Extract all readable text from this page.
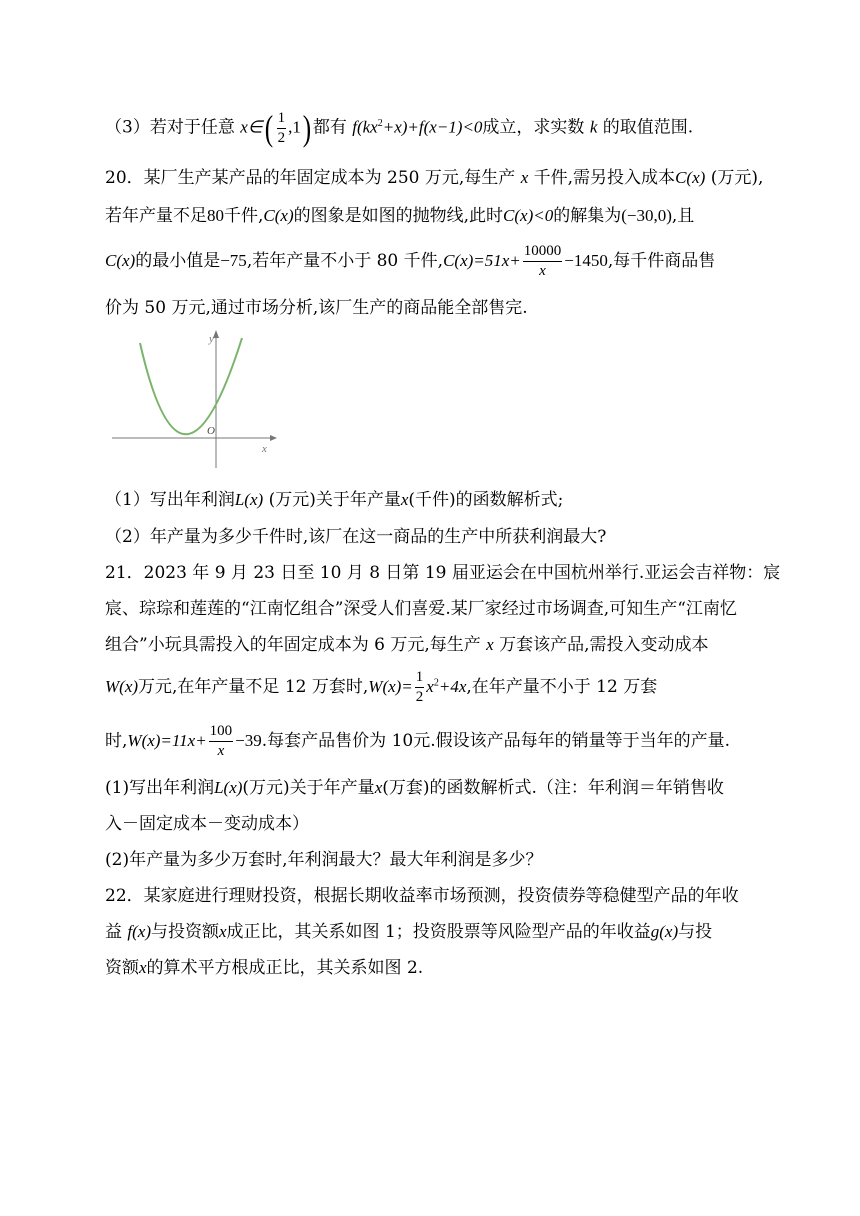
（3）若对于任意 x∈( $\frac{1}{2} ,1$) 都有 $f(kx^2+x)+f(x-1)<0$成立，求实数 k 的取值范围.
20．某厂生产某产品的年固定成本为 250 万元,每生产 x 千件,需另投入成本C(x) (万元),
若年产量不足80千件,C(x)的图象是如图的抛物线,此时C(x)<0的解集为(−30,0),且
C(x)的最小值是−75,若年产量不小于 80 千件$,C(x)=51x+ \frac{10000}{x} -1450$,每千件商品售
价为 50 万元,通过市场分析,该厂生产的商品能全部售完.
y
x
O
（1）写出年利润L(x) (万元)关于年产量x(千件)的函数解析式;
（2）年产量为多少千件时,该厂在这一商品的生产中所获利润最大?
21．2023 年 9 月 23 日至 10 月 8 日第 19 届亚运会在中国杭州举行.亚运会吉祥物：宸
宸、琮琮和莲莲的“江南忆组合”深受人们喜爱.某厂家经过市场调查,可知生产“江南忆
组合”小玩具需投入的年固定成本为 6 万元,每生产 x 万套该产品,需投入变动成本
W(x)万元,在年产量不足 12 万套时$,W(x)= \frac{1}{2} x^2+4x$,在年产量不小于 12 万套
时$,W(x)=11x+ \frac{100}{x} -39$.每套产品售价为 10元.假设该产品每年的销量等于当年的产量.
(1)写出年利润L(x)(万元)关于年产量x(万套)的函数解析式.（注：年利润＝年销售收
入－固定成本－变动成本）
(2)年产量为多少万套时,年利润最大？最大年利润是多少？
22．某家庭进行理财投资，根据长期收益率市场预测，投资债券等稳健型产品的年收
益 f(x)与投资额x成正比，其关系如图 1；投资股票等风险型产品的年收益g(x)与投
资额x的算术平方根成正比，其关系如图 2.
